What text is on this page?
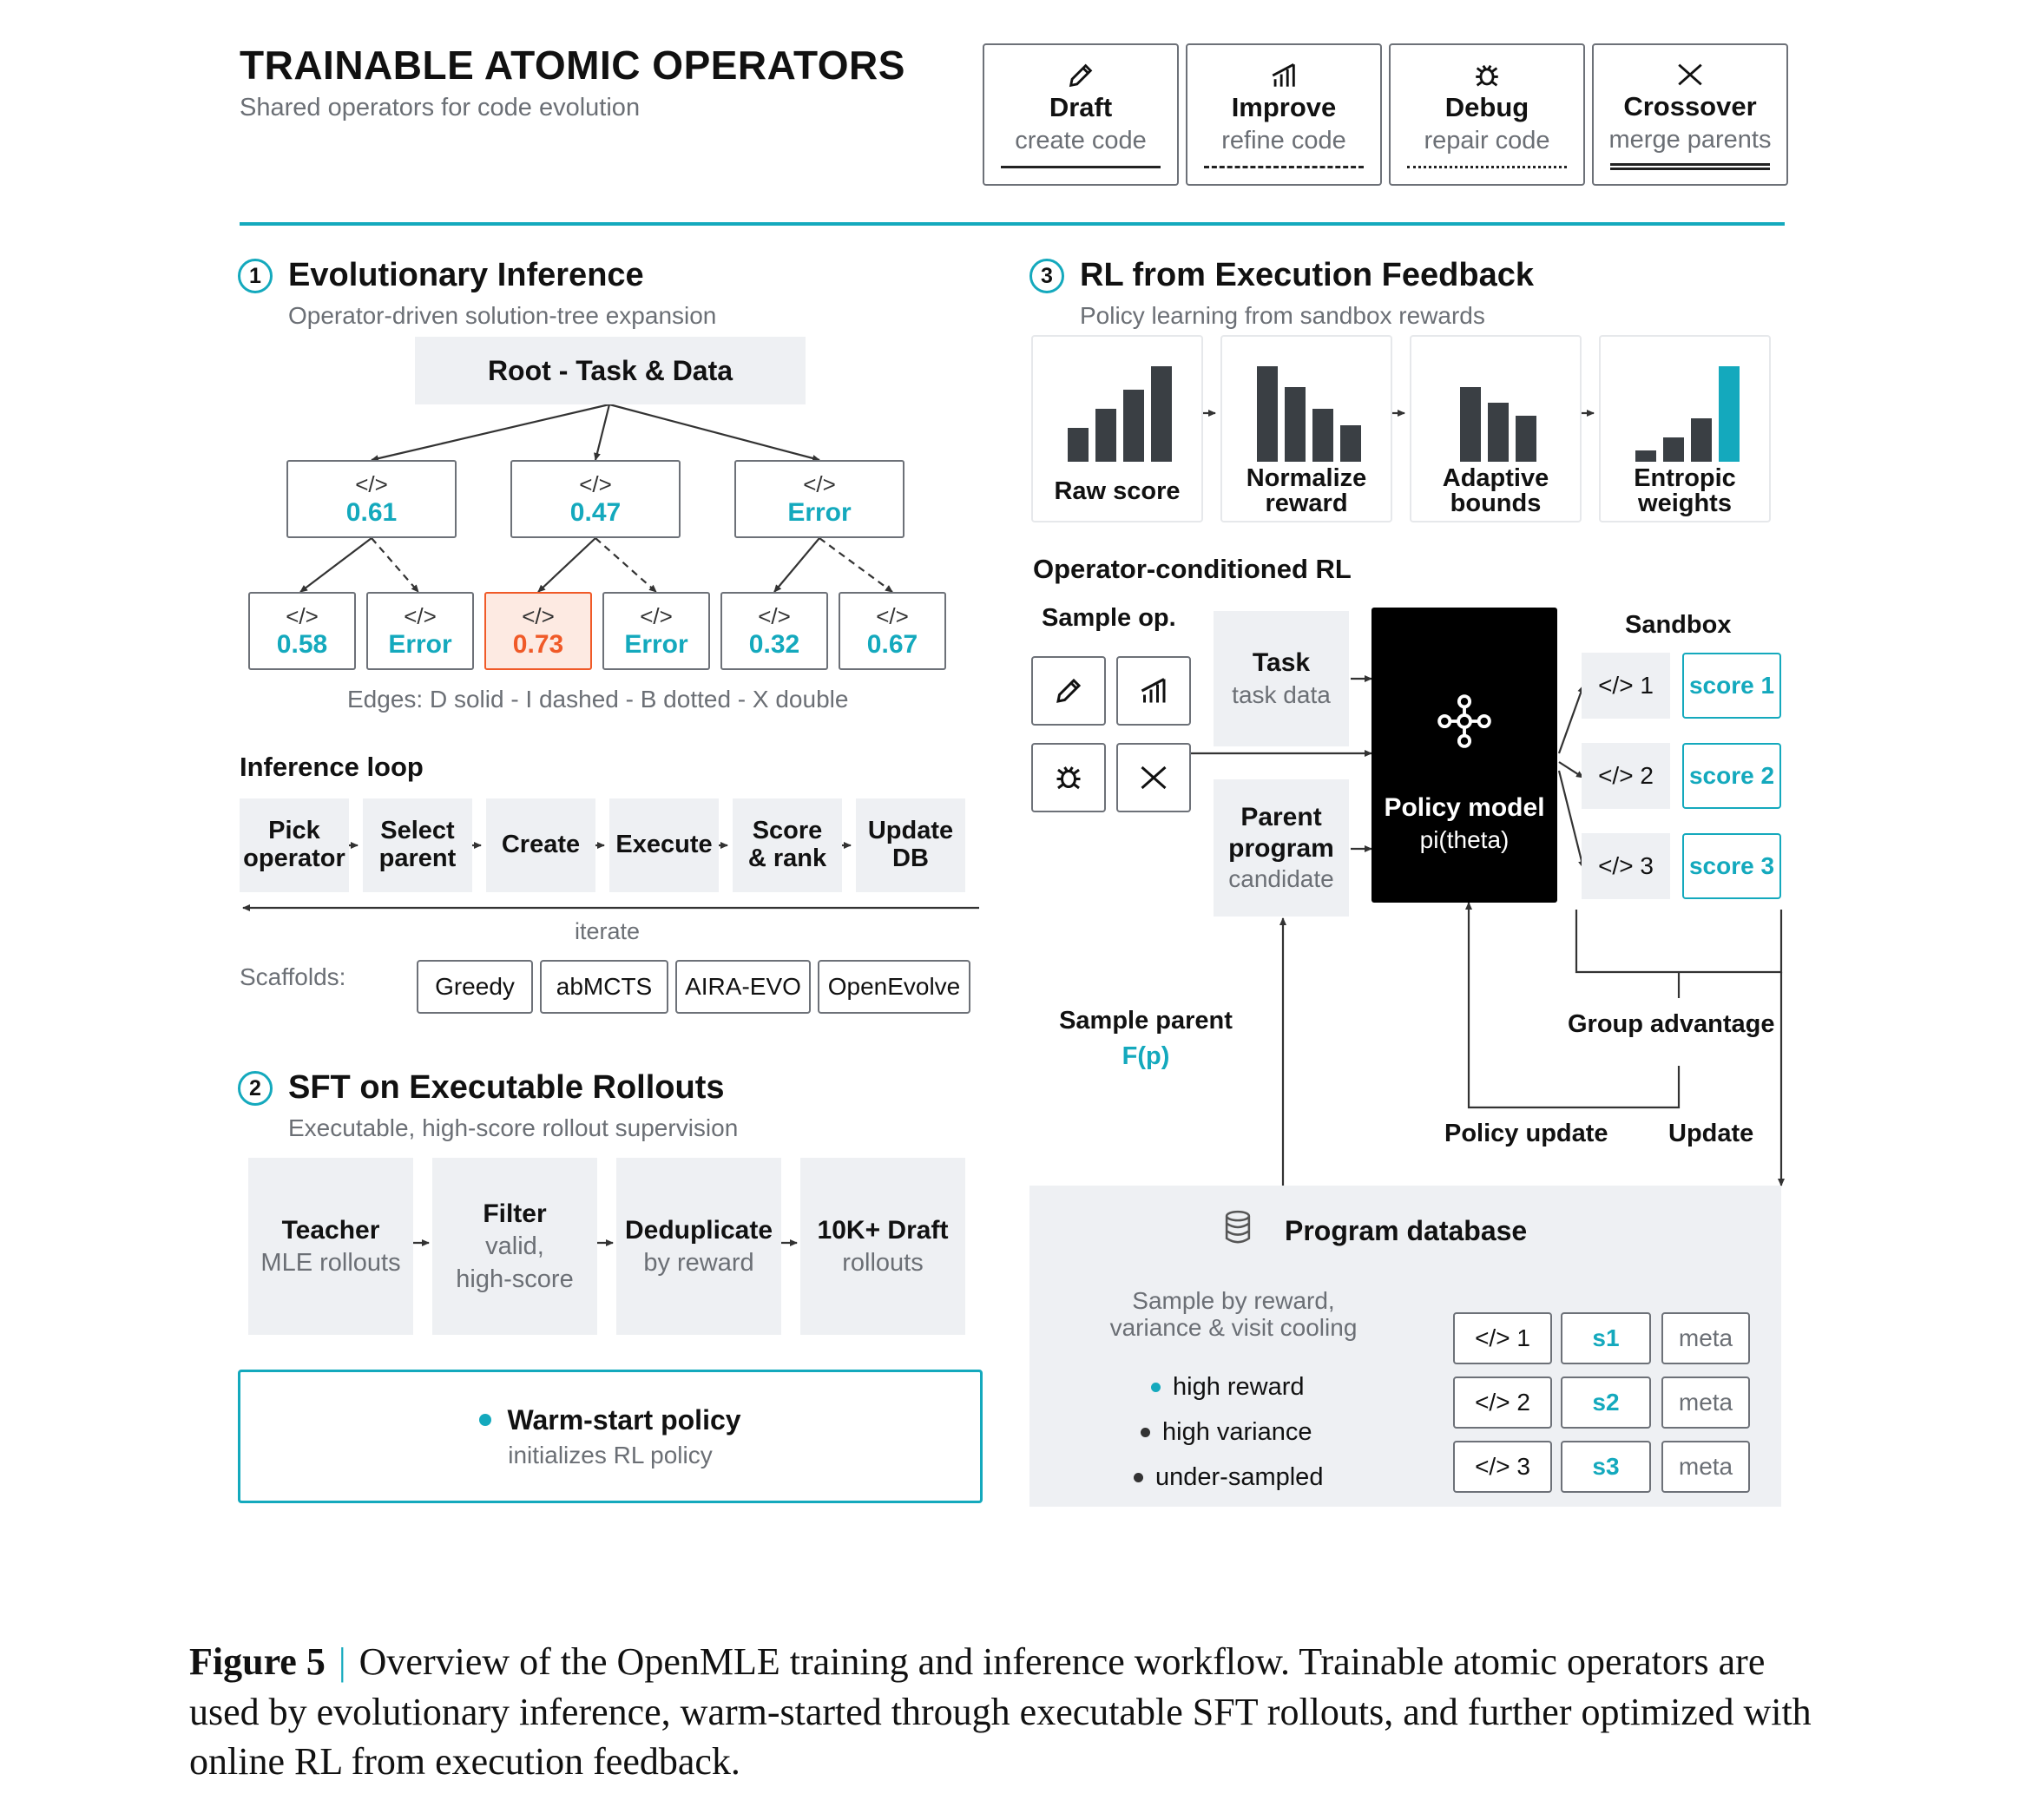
TRAINABLE ATOMIC OPERATORS
Shared operators for code evolution	Draft
create code
Improve
refine code
Debug
repair code
Crossover
merge parents
1 Evolutionary Inference
Operator-driven solution-tree expansion
Root - Task & Data
</>
0.61
</>
0.47
</>
Error
</>
0.58
</>
Error
</>
0.73
</>
Error
</>
0.32
</>
0.67
Edges: D solid - I dashed - B dotted - X double
Inference loop
Pick
operator
Select
parent Create Execute Score
& rank
Update
DB
iterate
Scaffolds:	Greedy abMCTS AIRA-EVO OpenEvolve
2 SFT on Executable Rollouts
Executable, high-score rollout supervision
Teacher
MLE rollouts
Filter
valid,
high-score
Deduplicate
by reward
10K+ Draft
rollouts
Warm-start policy
initializes RL policy
3 RL from Execution Feedback
Policy learning from sandbox rewards
Raw score	Normalize
reward
Adaptive
bounds
Entropic
weights
Operator-conditioned RL
Sample op.
Task
task data
Parent
program
candidate
Policy model
pi(theta)
Sandbox
</> 1 score 1
</> 2 score 2
</> 3 score 3
Group advantage
Sample parent
F(p)
Policy update Update
Program database
Sample by reward,
variance & visit cooling
high reward
high variance
under-sampled
</> 1	s1 meta
</> 2	s2 meta
</> 3	s3 meta
Figure 5 | Overview of the OpenMLE training and inference workflow. Trainable atomic operators are used by evolutionary inference, warm-started through executable SFT rollouts, and further optimized with online RL from execution feedback.
